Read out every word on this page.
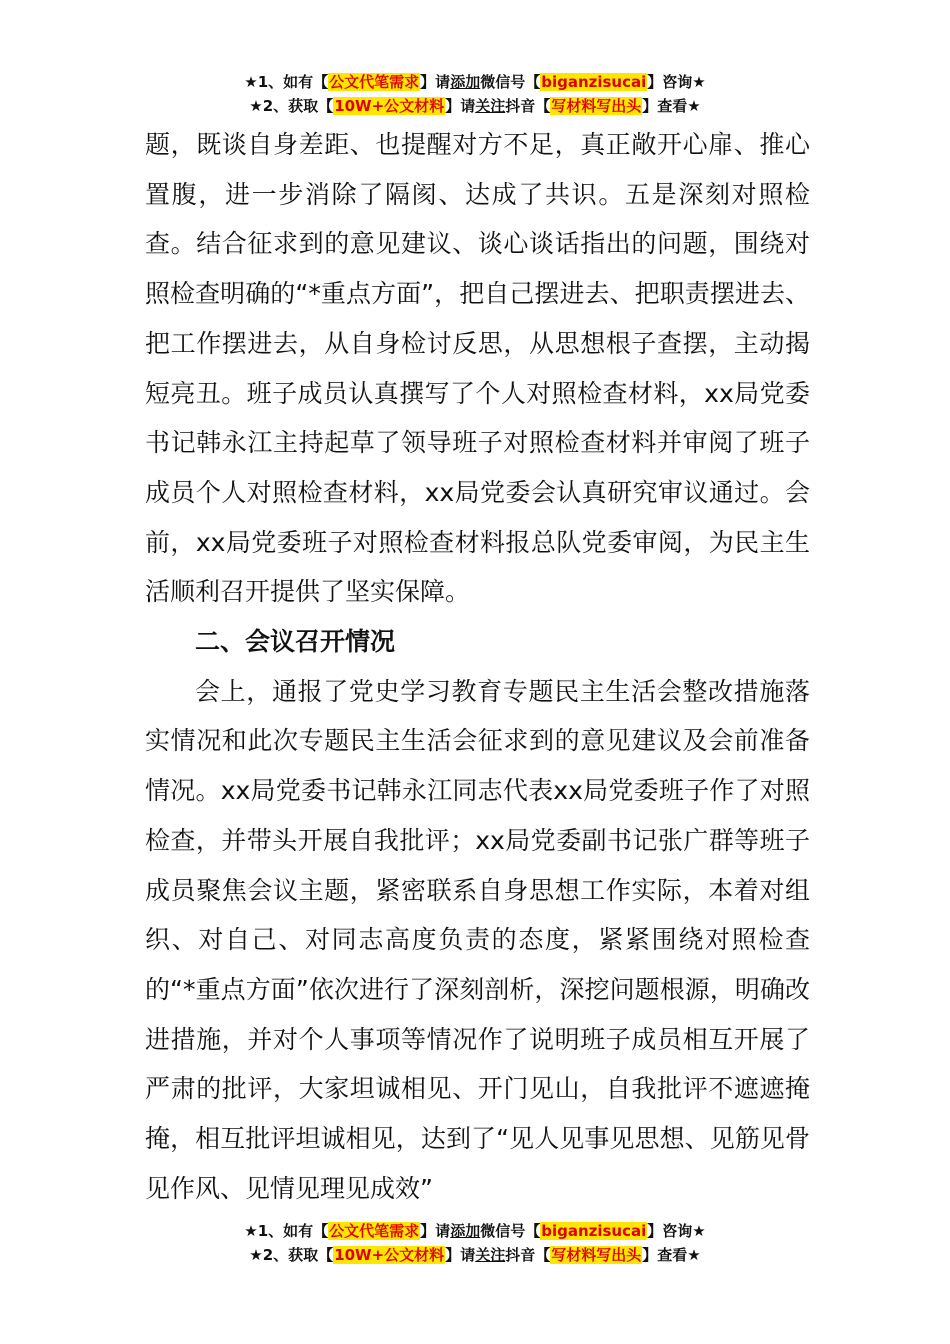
★1、如有【公文代笔需求】请添加微信号【biganzisucai】咨询★
★2、获取【10W+公文材料】请关注抖音【写材料写出头】查看★

题，既谈自身差距、也提醒对方不足，真正敞开心扉、推心置腹，进一步消除了隔阂、达成了共识。五是深刻对照检查。结合征求到的意见建议、谈心谈话指出的问题，围绕对照检查明确的“*重点方面”，把自己摆进去、把职责摆进去、把工作摆进去，从自身检讨反思，从思想根子查摆，主动揭短亮丑。班子成员认真撰写了个人对照检查材料，xx局党委书记韩永江主持起草了领导班子对照检查材料并审阅了班子成员个人对照检查材料，xx局党委会认真研究审议通过。会前，xx局党委班子对照检查材料报总队党委审阅，为民主生活顺利召开提供了坚实保障。

二、会议召开情况

会上，通报了党史学习教育专题民主生活会整改措施落实情况和此次专题民主生活会征求到的意见建议及会前准备情况。xx局党委书记韩永江同志代表xx局党委班子作了对照检查，并带头开展自我批评；xx局党委副书记张广群等班子成员聚焦会议主题，紧密联系自身思想工作实际，本着对组织、对自己、对同志高度负责的态度，紧紧围绕对照检查的“*重点方面”依次进行了深刻剖析，深挖问题根源，明确改进措施，并对个人事项等情况作了说明班子成员相互开展了严肃的批评，大家坦诚相见、开门见山，自我批评不遮遮掩掩，相互批评坦诚相见，达到了“见人见事见思想、见筋见骨见作风、见情见理见成效”

★1、如有【公文代笔需求】请添加微信号【biganzisucai】咨询★
★2、获取【10W+公文材料】请关注抖音【写材料写出头】查看★
